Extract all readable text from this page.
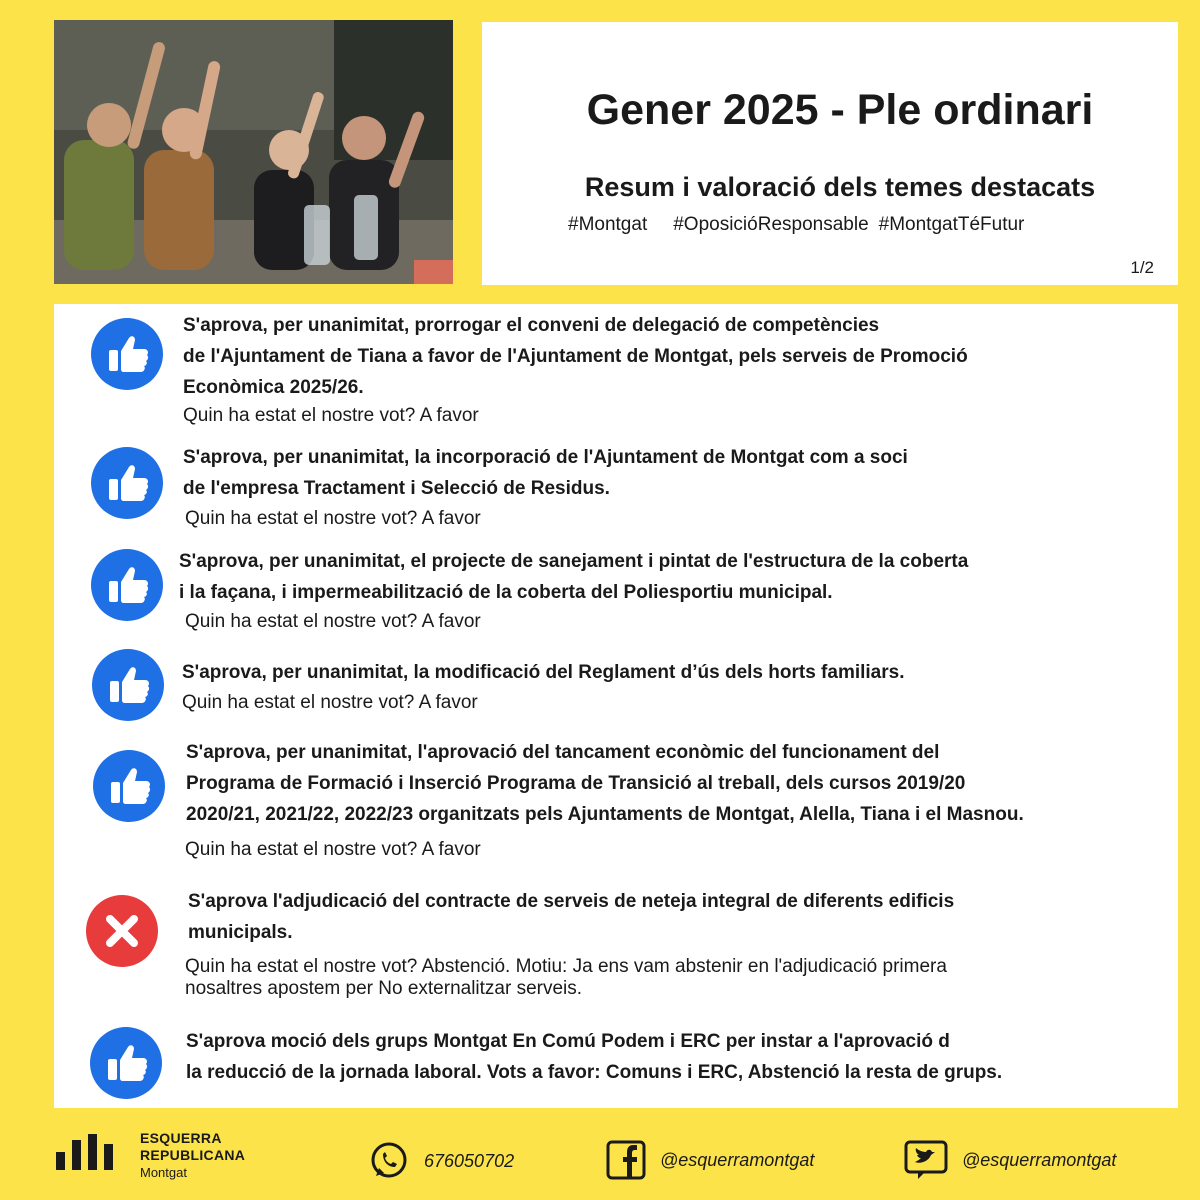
Gener 2025 - Ple ordinari
Resum i valoració dels temes destacats
#Montgat #OposicióResponsable #MontgatTéFutur
1/2

S'aprova, per unanimitat, prorrogar el conveni de delegació de competències
de l'Ajuntament de Tiana a favor de l'Ajuntament de Montgat, pels serveis de Promoció
Econòmica 2025/26.

Quin ha estat el nostre vot? A favor

S'aprova, per unanimitat, la incorporació de l'Ajuntament de Montgat com a soci
de l'empresa Tractament i Selecció de Residus.

Quin ha estat el nostre vot? A favor

S'aprova, per unanimitat, el projecte de sanejament i pintat de l'estructura de la coberta
i la façana, i impermeabilització de la coberta del Poliesportiu municipal.

Quin ha estat el nostre vot? A favor

S'aprova, per unanimitat, la modificació del Reglament d’ús dels horts familiars.

Quin ha estat el nostre vot? A favor

S'aprova, per unanimitat, l'aprovació del tancament econòmic del funcionament del
Programa de Formació i Inserció Programa de Transició al treball, dels cursos 2019/20
2020/21, 2021/22, 2022/23 organitzats pels Ajuntaments de Montgat, Alella, Tiana i el Masnou.

Quin ha estat el nostre vot? A favor

S'aprova l'adjudicació del contracte de serveis de neteja integral de diferents edificis
municipals.

Quin ha estat el nostre vot? Abstenció. Motiu: Ja ens vam abstenir en l'adjudicació primera
nosaltres apostem per No externalitzar serveis.

S'aprova moció dels grups Montgat En Comú Podem i ERC per instar a l'aprovació d
la reducció de la jornada laboral. Vots a favor: Comuns i ERC, Abstenció la resta de grups.

ESQUERRA
REPUBLICANA
Montgat
676050702	@esquerramontgat	@esquerramontgat
